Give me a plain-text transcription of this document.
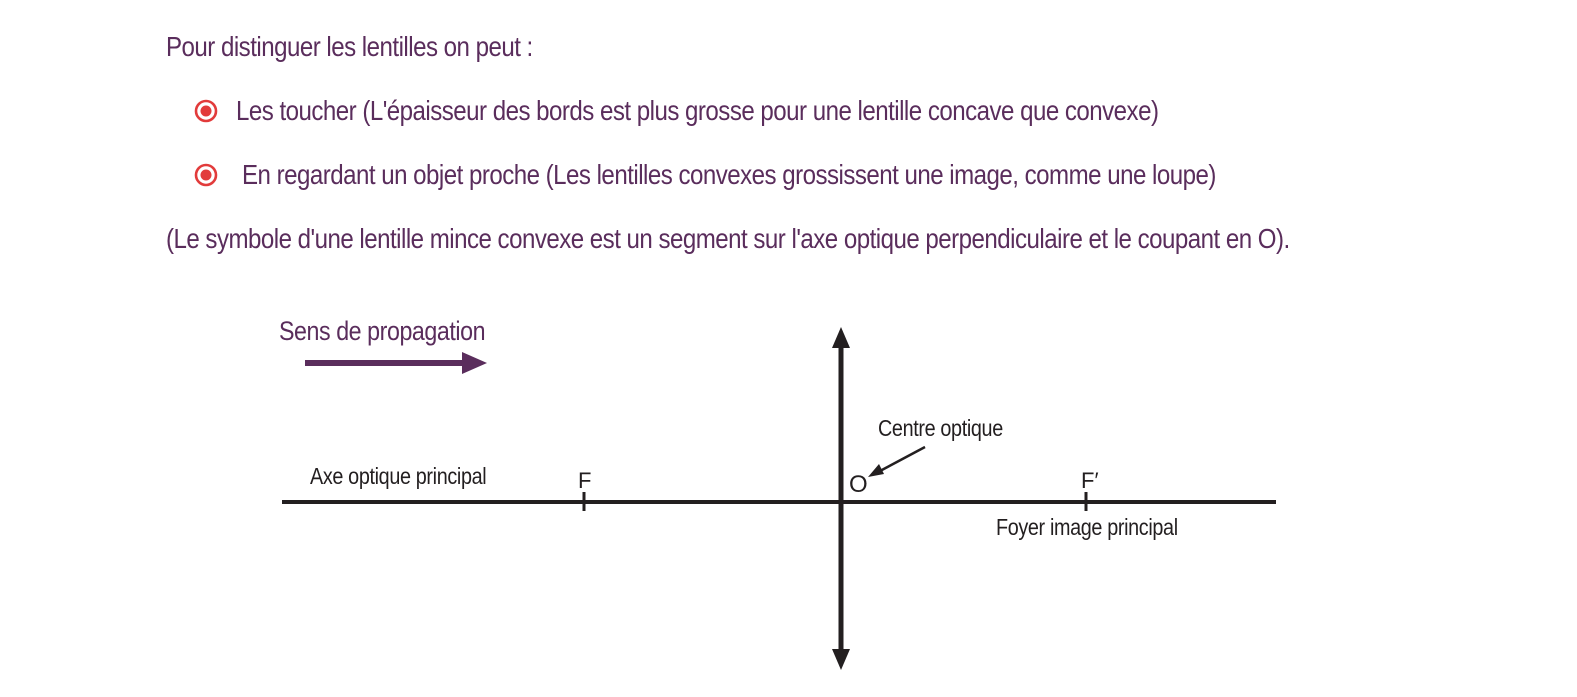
Pour distinguer les lentilles on peut :

Les toucher (L'épaisseur des bords est plus grosse pour une lentille concave que convexe)
En regardant un objet proche (Les lentilles convexes grossissent une image, comme une loupe)

(Le symbole d'une lentille mince convexe est un segment sur l'axe optique perpendiculaire et le coupant en O).

Sens de propagation
Axe optique principal	F	O
Centre optique
F′
Foyer image principal
